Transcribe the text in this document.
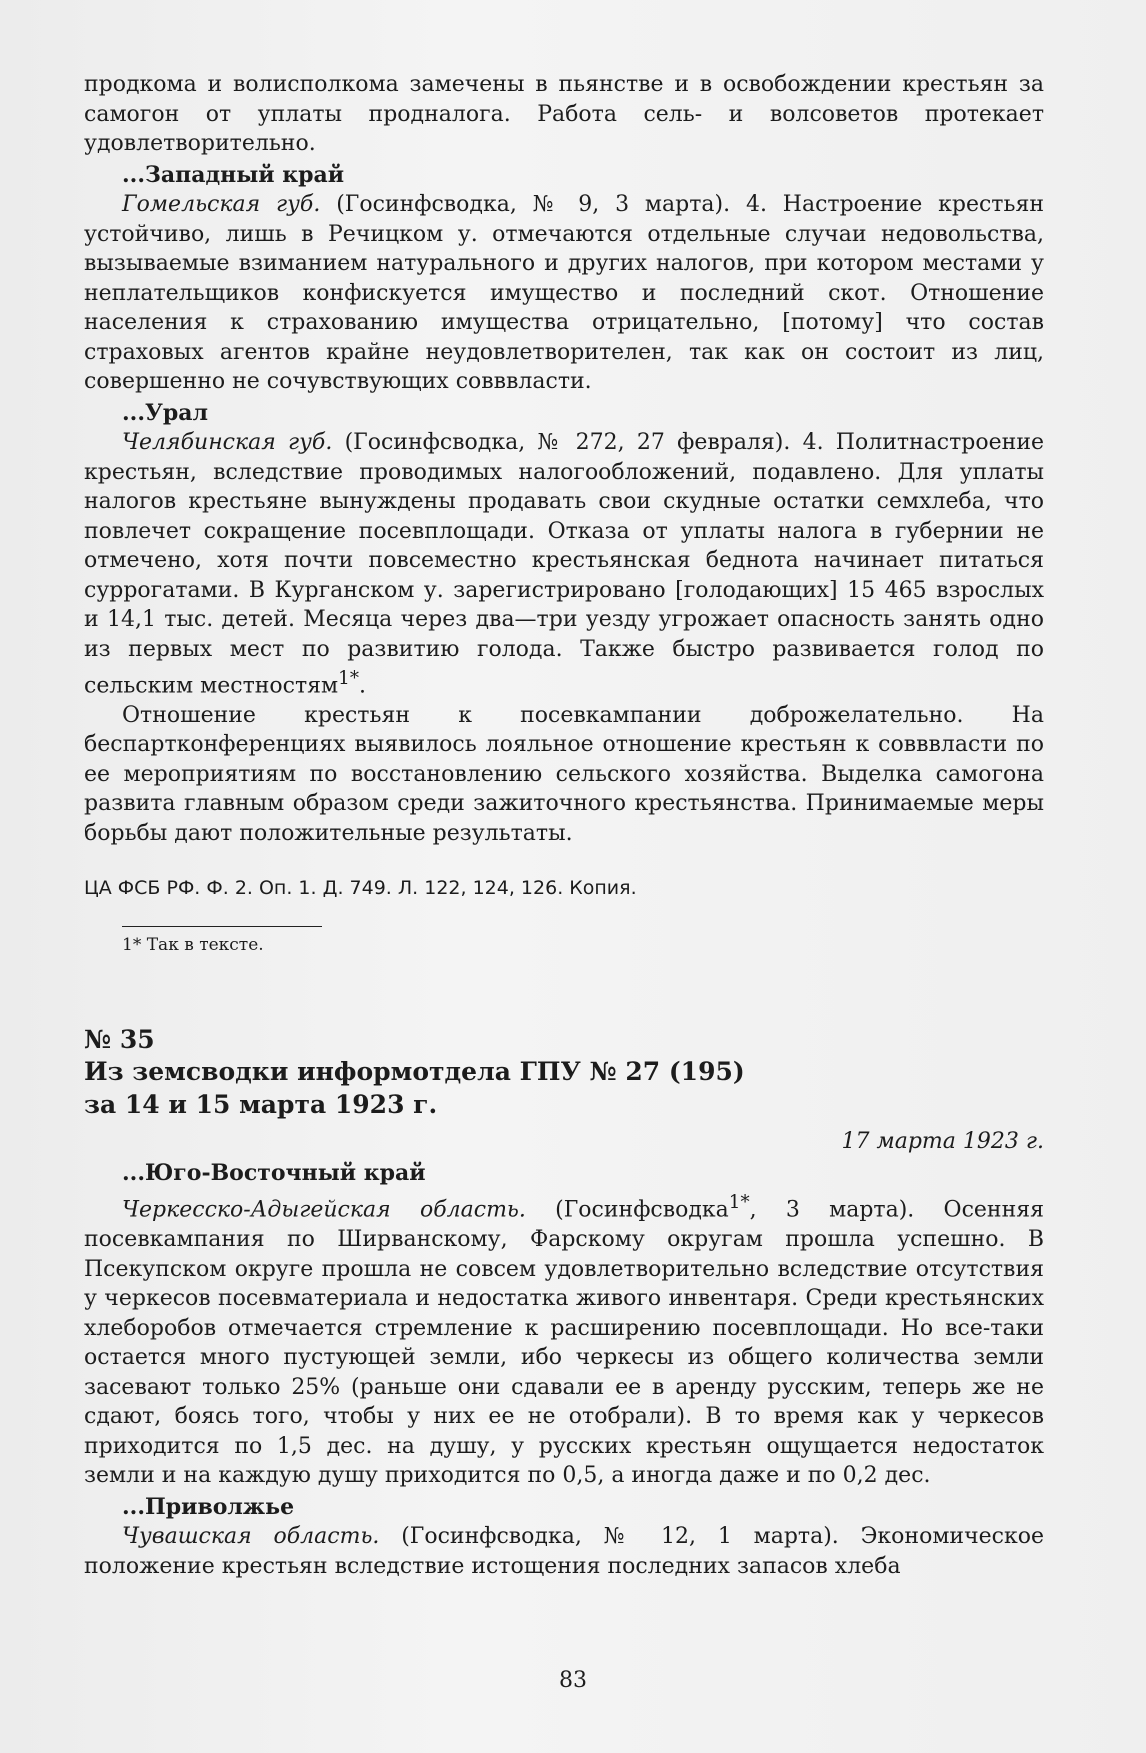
продкома и волисполкома замечены в пьянстве и в освобождении крестьян за самогон от уплаты продналога. Работа сель- и волсоветов протекает удовлетворительно.

...Западный край

Гомельская губ. (Госинфсводка, № 9, 3 марта). 4. Настроение крестьян устойчиво, лишь в Речицком у. отмечаются отдельные случаи недовольства, вызываемые взиманием натурального и других налогов, при котором местами у неплательщиков конфискуется имущество и последний скот. Отношение населения к страхованию имущества отрицательно, [потому] что состав страховых агентов крайне неудовлетворителен, так как он состоит из лиц, совершенно не сочувствующих совввласти.

...Урал

Челябинская губ. (Госинфсводка, № 272, 27 февраля). 4. Политнастроение крестьян, вследствие проводимых налогообложений, подавлено. Для уплаты налогов крестьяне вынуждены продавать свои скудные остатки семхлеба, что повлечет сокращение посевплощади. Отказа от уплаты налога в губернии не отмечено, хотя почти повсеместно крестьянская беднота начинает питаться суррогатами. В Курганском у. зарегистрировано [голодающих] 15 465 взрослых и 14,1 тыс. детей. Месяца через два—три уезду угрожает опасность занять одно из первых мест по развитию голода. Также быстро развивается голод по сельским местностям$^{1*}$.

Отношение крестьян к посевкампании доброжелательно. На беспартконференциях выявилось лояльное отношение крестьян к совввласти по ее мероприятиям по восстановлению сельского хозяйства. Выделка самогона развита главным образом среди зажиточного крестьянства. Принимаемые меры борьбы дают положительные результаты.

ЦА ФСБ РФ. Ф. 2. Оп. 1. Д. 749. Л. 122, 124, 126. Копия.

1* Так в тексте.

№ 35

Из земсводки информотдела ГПУ № 27 (195)

за 14 и 15 марта 1923 г.

17 марта 1923 г.

...Юго-Восточный край

Черкесско-Адыгейская область. (Госинфсводка$^{1*}$, 3 марта). Осенняя посевкампания по Ширванскому, Фарскому округам прошла успешно. В Псекупском округе прошла не совсем удовлетворительно вследствие отсутствия у черкесов посевматериала и недостатка живого инвентаря. Среди крестьянских хлеборобов отмечается стремление к расширению посевплощади. Но все-таки остается много пустующей земли, ибо черкесы из общего количества земли засевают только 25% (раньше они сдавали ее в аренду русским, теперь же не сдают, боясь того, чтобы у них ее не отобрали). В то время как у черкесов приходится по 1,5 дес. на душу, у русских крестьян ощущается недостаток земли и на каждую душу приходится по 0,5, а иногда даже и по 0,2 дес.

...Приволжье

Чувашская область. (Госинфсводка, № 12, 1 марта). Экономическое положение крестьян вследствие истощения последних запасов хлеба

83
